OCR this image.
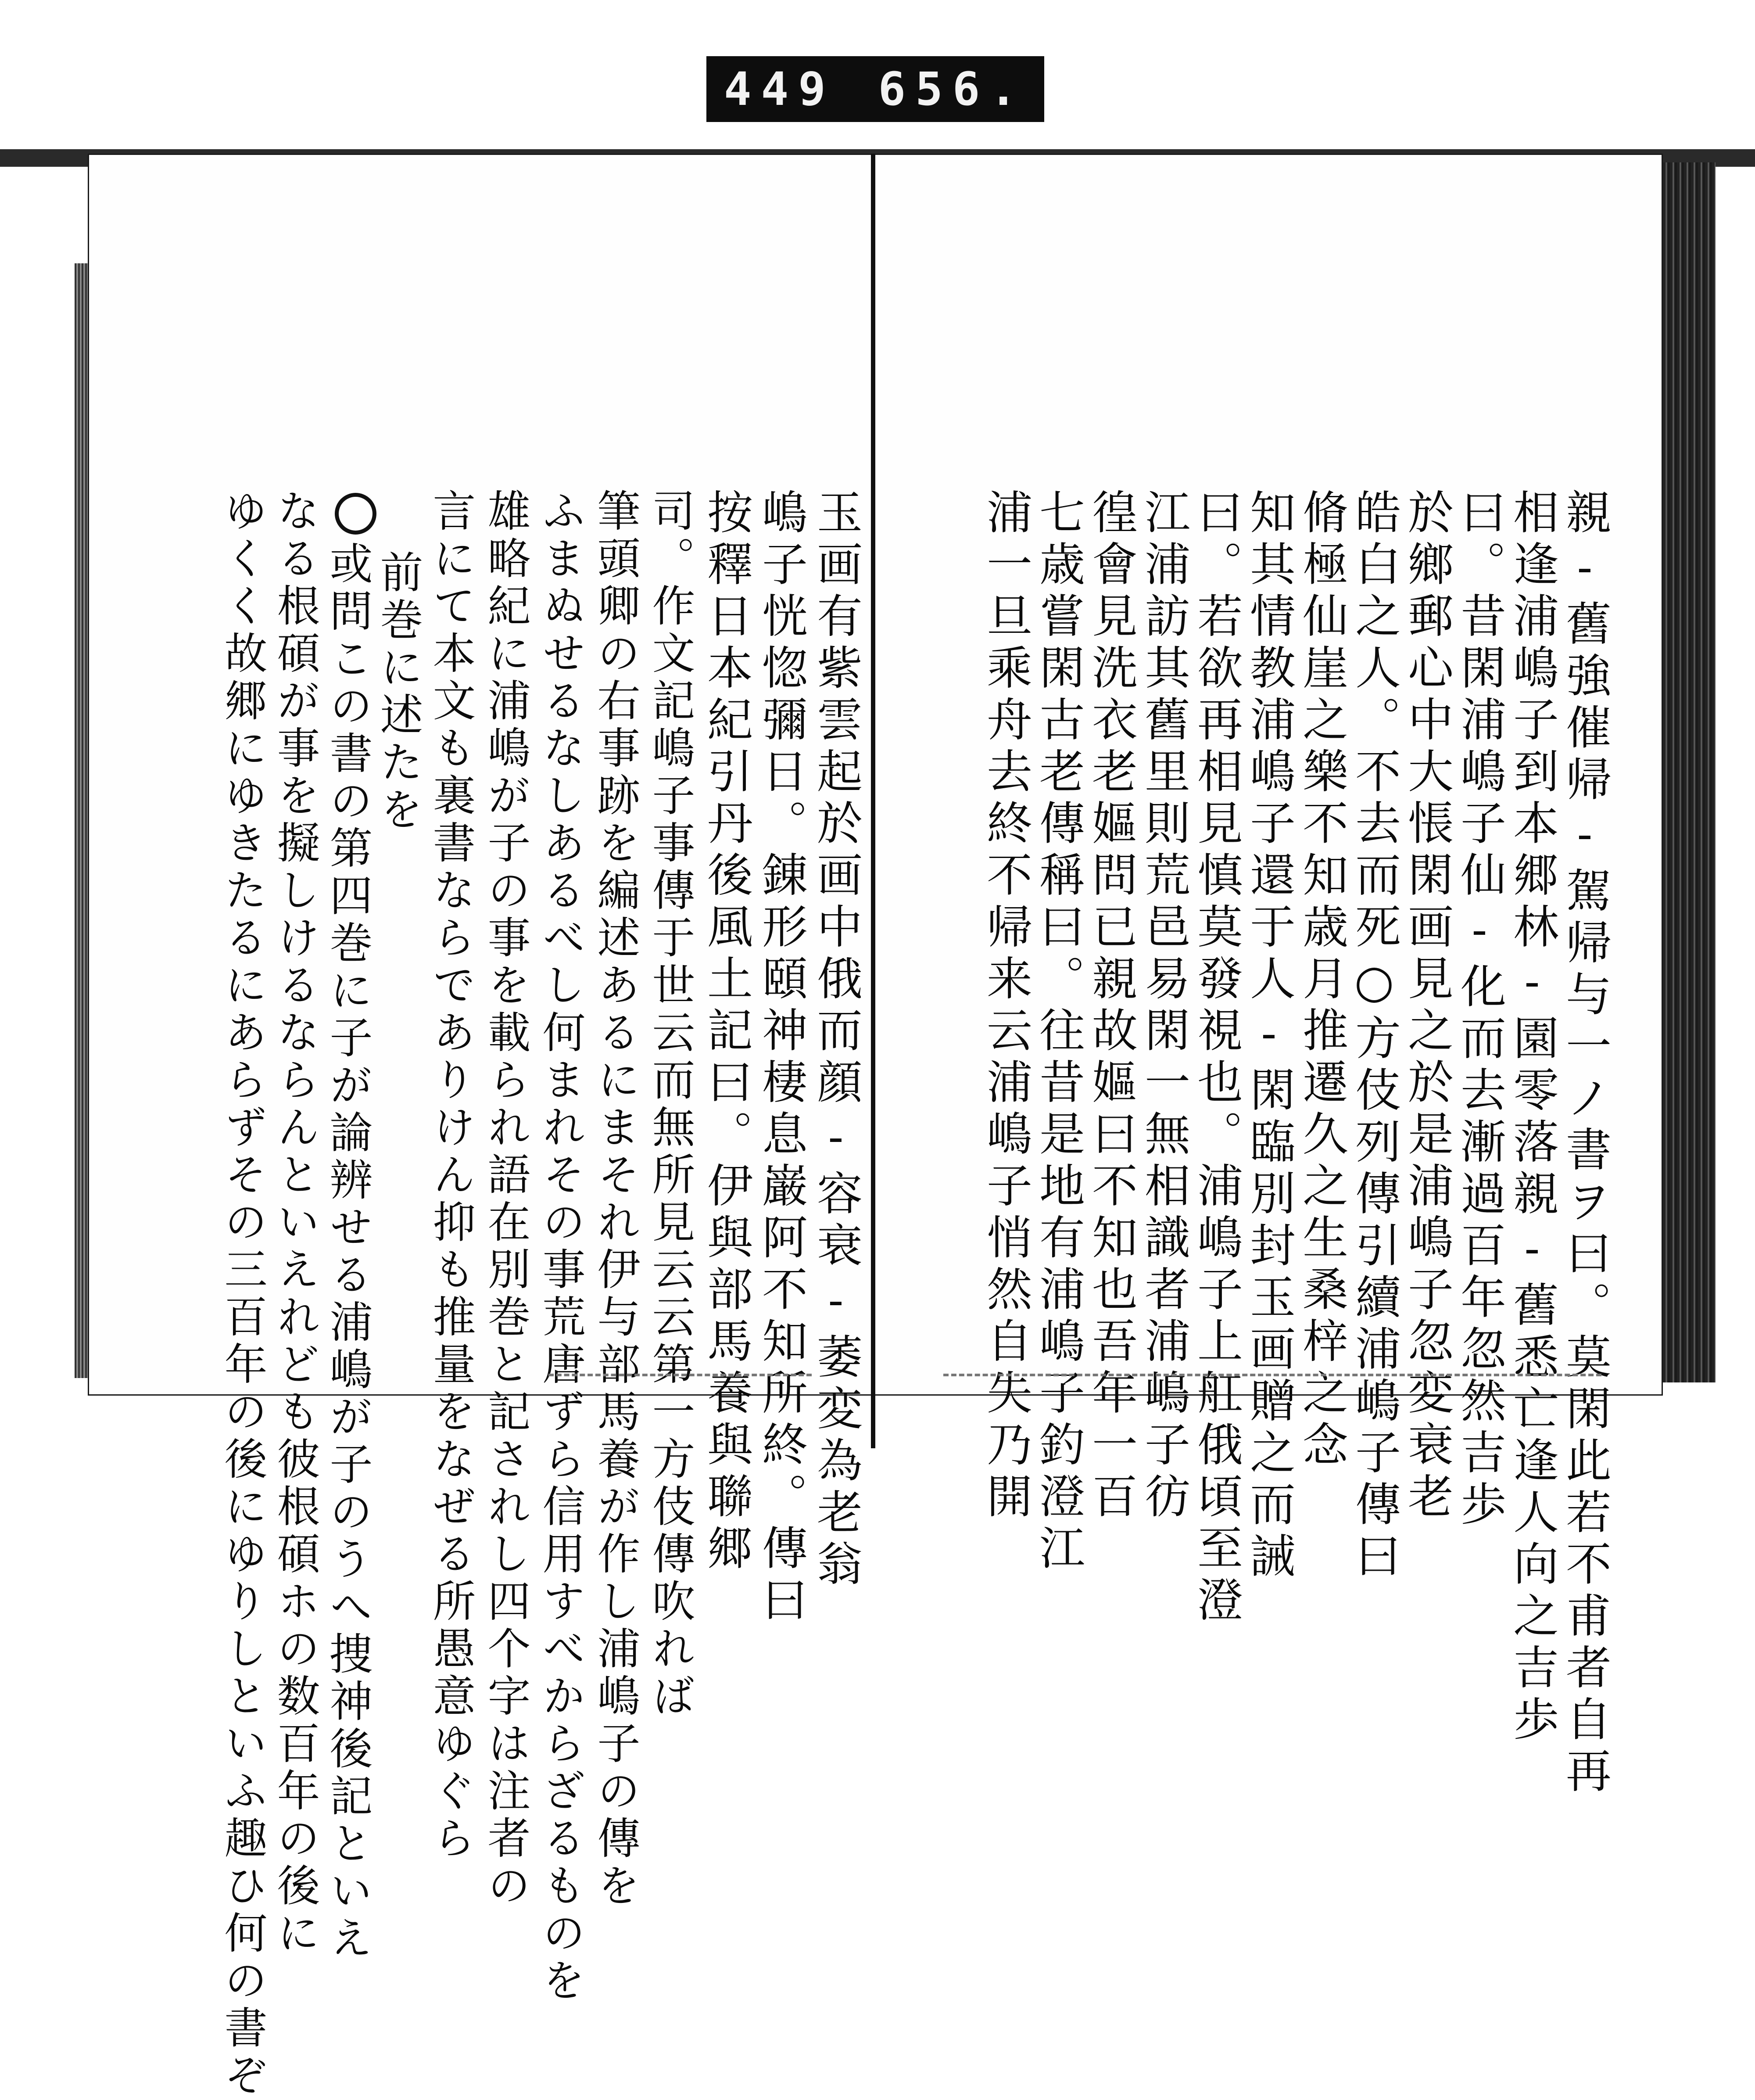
449 656.
玉画有紫雲起於画中俄而顔‐容衰‐萎変為老翁
嶋子恍惚彌日。錬形頤神棲息巌阿不知所終。傳曰
按釋日本紀引丹後風土記曰。伊與部馬養與聯郷
司。作文記嶋子事傳于世云而無所見云云第一方伎傳吹れば
筆頭卿の右事跡を編述あるにまそれ伊与部馬養が作し浦嶋子の傳を
ふまぬせるなしあるべし何まれその事荒唐ずら信用すべからざるものを
雄略紀に浦嶋が子の事を載られ語在別巻と記されし四个字は注者の
言にて本文も裏書ならでありけん抑も推量をなぜる所愚意ゆぐら
前巻に述たを
或問この書の第四巻に子が論辨せる浦嶋が子のうへ捜神後記といえ
なる根碩が事を擬しけるならんといえれども彼根碩ホの数百年の後に
ゆくく故郷にゆきたるにあらずその三百年の後にゆりしといふ趣ひ何の書ぞ	親‐舊強催帰‐駕帰与一ノ書ヲ曰。莫閑此若不甫者自再
相逢浦嶋子到本郷林‐園零落親‐舊悉亡逢人向之吉歩
曰。昔閑浦嶋子仙‐化而去漸過百年忽然吉歩
於鄉郵心中大悵閑画見之於是浦嶋子忽変衰老
皓白之人。不去而死○方伎列傳引續浦嶋子傳曰
脩極仙崖之樂不知歳月推遷久之生桑梓之念
知其情教浦嶋子還于人‐閑臨別封玉画贈之而誡
曰。若欲再相見慎莫發視也。浦嶋子上舡俄頃至澄
江浦訪其舊里則荒邑易閑一無相識者浦嶋子彷
徨會見洗衣老嫗問已親故嫗曰不知也吾年一百
七歳嘗閑古老傳稱曰。往昔是地有浦嶋子釣澄江
浦一旦乘舟去終不帰来云浦嶋子悄然自失乃開
